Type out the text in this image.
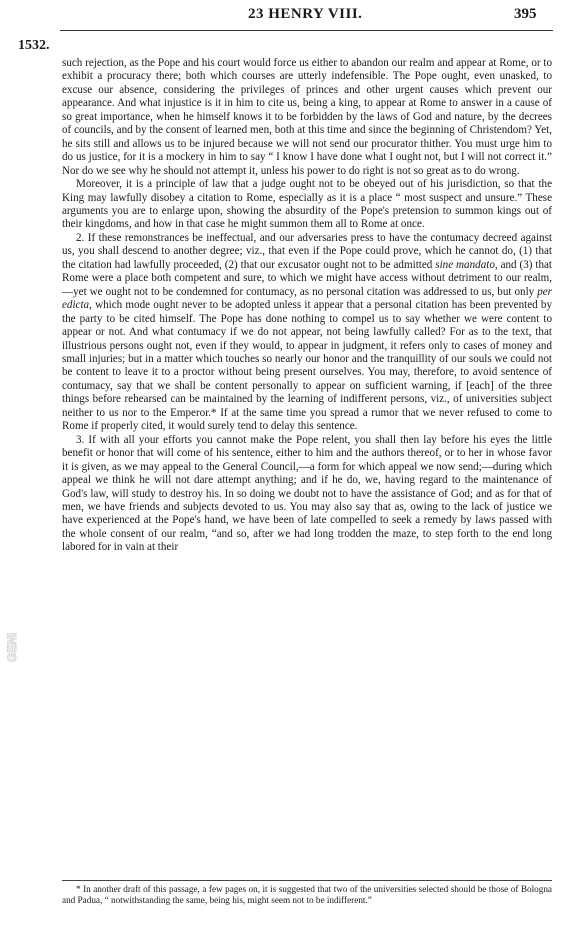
23 HENRY VIII.	395
1532.
GENI

such rejection, as the Pope and his court would force us either to abandon our realm and appear at Rome, or to exhibit a procuracy there; both which courses are utterly indefensible. The Pope ought, even unasked, to excuse our absence, considering the privileges of princes and other urgent causes which prevent our appearance. And what injustice is it in him to cite us, being a king, to appear at Rome to answer in a cause of so great importance, when he himself knows it to be forbidden by the laws of God and nature, by the decrees of councils, and by the consent of learned men, both at this time and since the beginning of Christendom? Yet, he sits still and allows us to be injured because we will not send our procurator thither. You must urge him to do us justice, for it is a mockery in him to say “ I know I have done what I ought not, but I will not correct it.” Nor do we see why he should not attempt it, unless his power to do right is not so great as to do wrong.

Moreover, it is a principle of law that a judge ought not to be obeyed out of his jurisdiction, so that the King may lawfully disobey a citation to Rome, especially as it is a place “ most suspect and unsure.” These arguments you are to enlarge upon, showing the absurdity of the Pope's pretension to summon kings out of their kingdoms, and how in that case he might summon them all to Rome at once.

2. If these remonstrances be ineffectual, and our adversaries press to have the contumacy decreed against us, you shall descend to another degree; viz., that even if the Pope could prove, which he cannot do, (1) that the citation had lawfully proceeded, (2) that our excusator ought not to be admitted sine mandato, and (3) that Rome were a place both competent and sure, to which we might have access without detriment to our realm,—yet we ought not to be condemned for contumacy, as no personal citation was addressed to us, but only per edicta, which mode ought never to be adopted unless it appear that a personal citation has been prevented by the party to be cited himself. The Pope has done nothing to compel us to say whether we were content to appear or not. And what contumacy if we do not appear, not being lawfully called? For as to the text, that illustrious persons ought not, even if they would, to appear in judgment, it refers only to cases of money and small injuries; but in a matter which touches so nearly our honor and the tranquillity of our souls we could not be content to leave it to a proctor without being present ourselves. You may, therefore, to avoid sentence of contumacy, say that we shall be content personally to appear on sufficient warning, if [each] of the three things before rehearsed can be maintained by the learning of indifferent persons, viz., of universities subject neither to us nor to the Emperor.* If at the same time you spread a rumor that we never refused to come to Rome if properly cited, it would surely tend to delay this sentence.

3. If with all your efforts you cannot make the Pope relent, you shall then lay before his eyes the little benefit or honor that will come of his sentence, either to him and the authors thereof, or to her in whose favor it is given, as we may appeal to the General Council,—a form for which appeal we now send;—during which appeal we think he will not dare attempt anything; and if he do, we, having regard to the maintenance of God's law, will study to destroy his. In so doing we doubt not to have the assistance of God; and as for that of men, we have friends and subjects devoted to us. You may also say that as, owing to the lack of justice we have experienced at the Pope's hand, we have been of late compelled to seek a remedy by laws passed with the whole consent of our realm, “and so, after we had long trodden the maze, to step forth to the end long labored for in vain at their

* In another draft of this passage, a few pages on, it is suggested that two of the universities selected should be those of Bologna and Padua, “ notwithstanding the same, being his, might seem not to be indifferent.”
